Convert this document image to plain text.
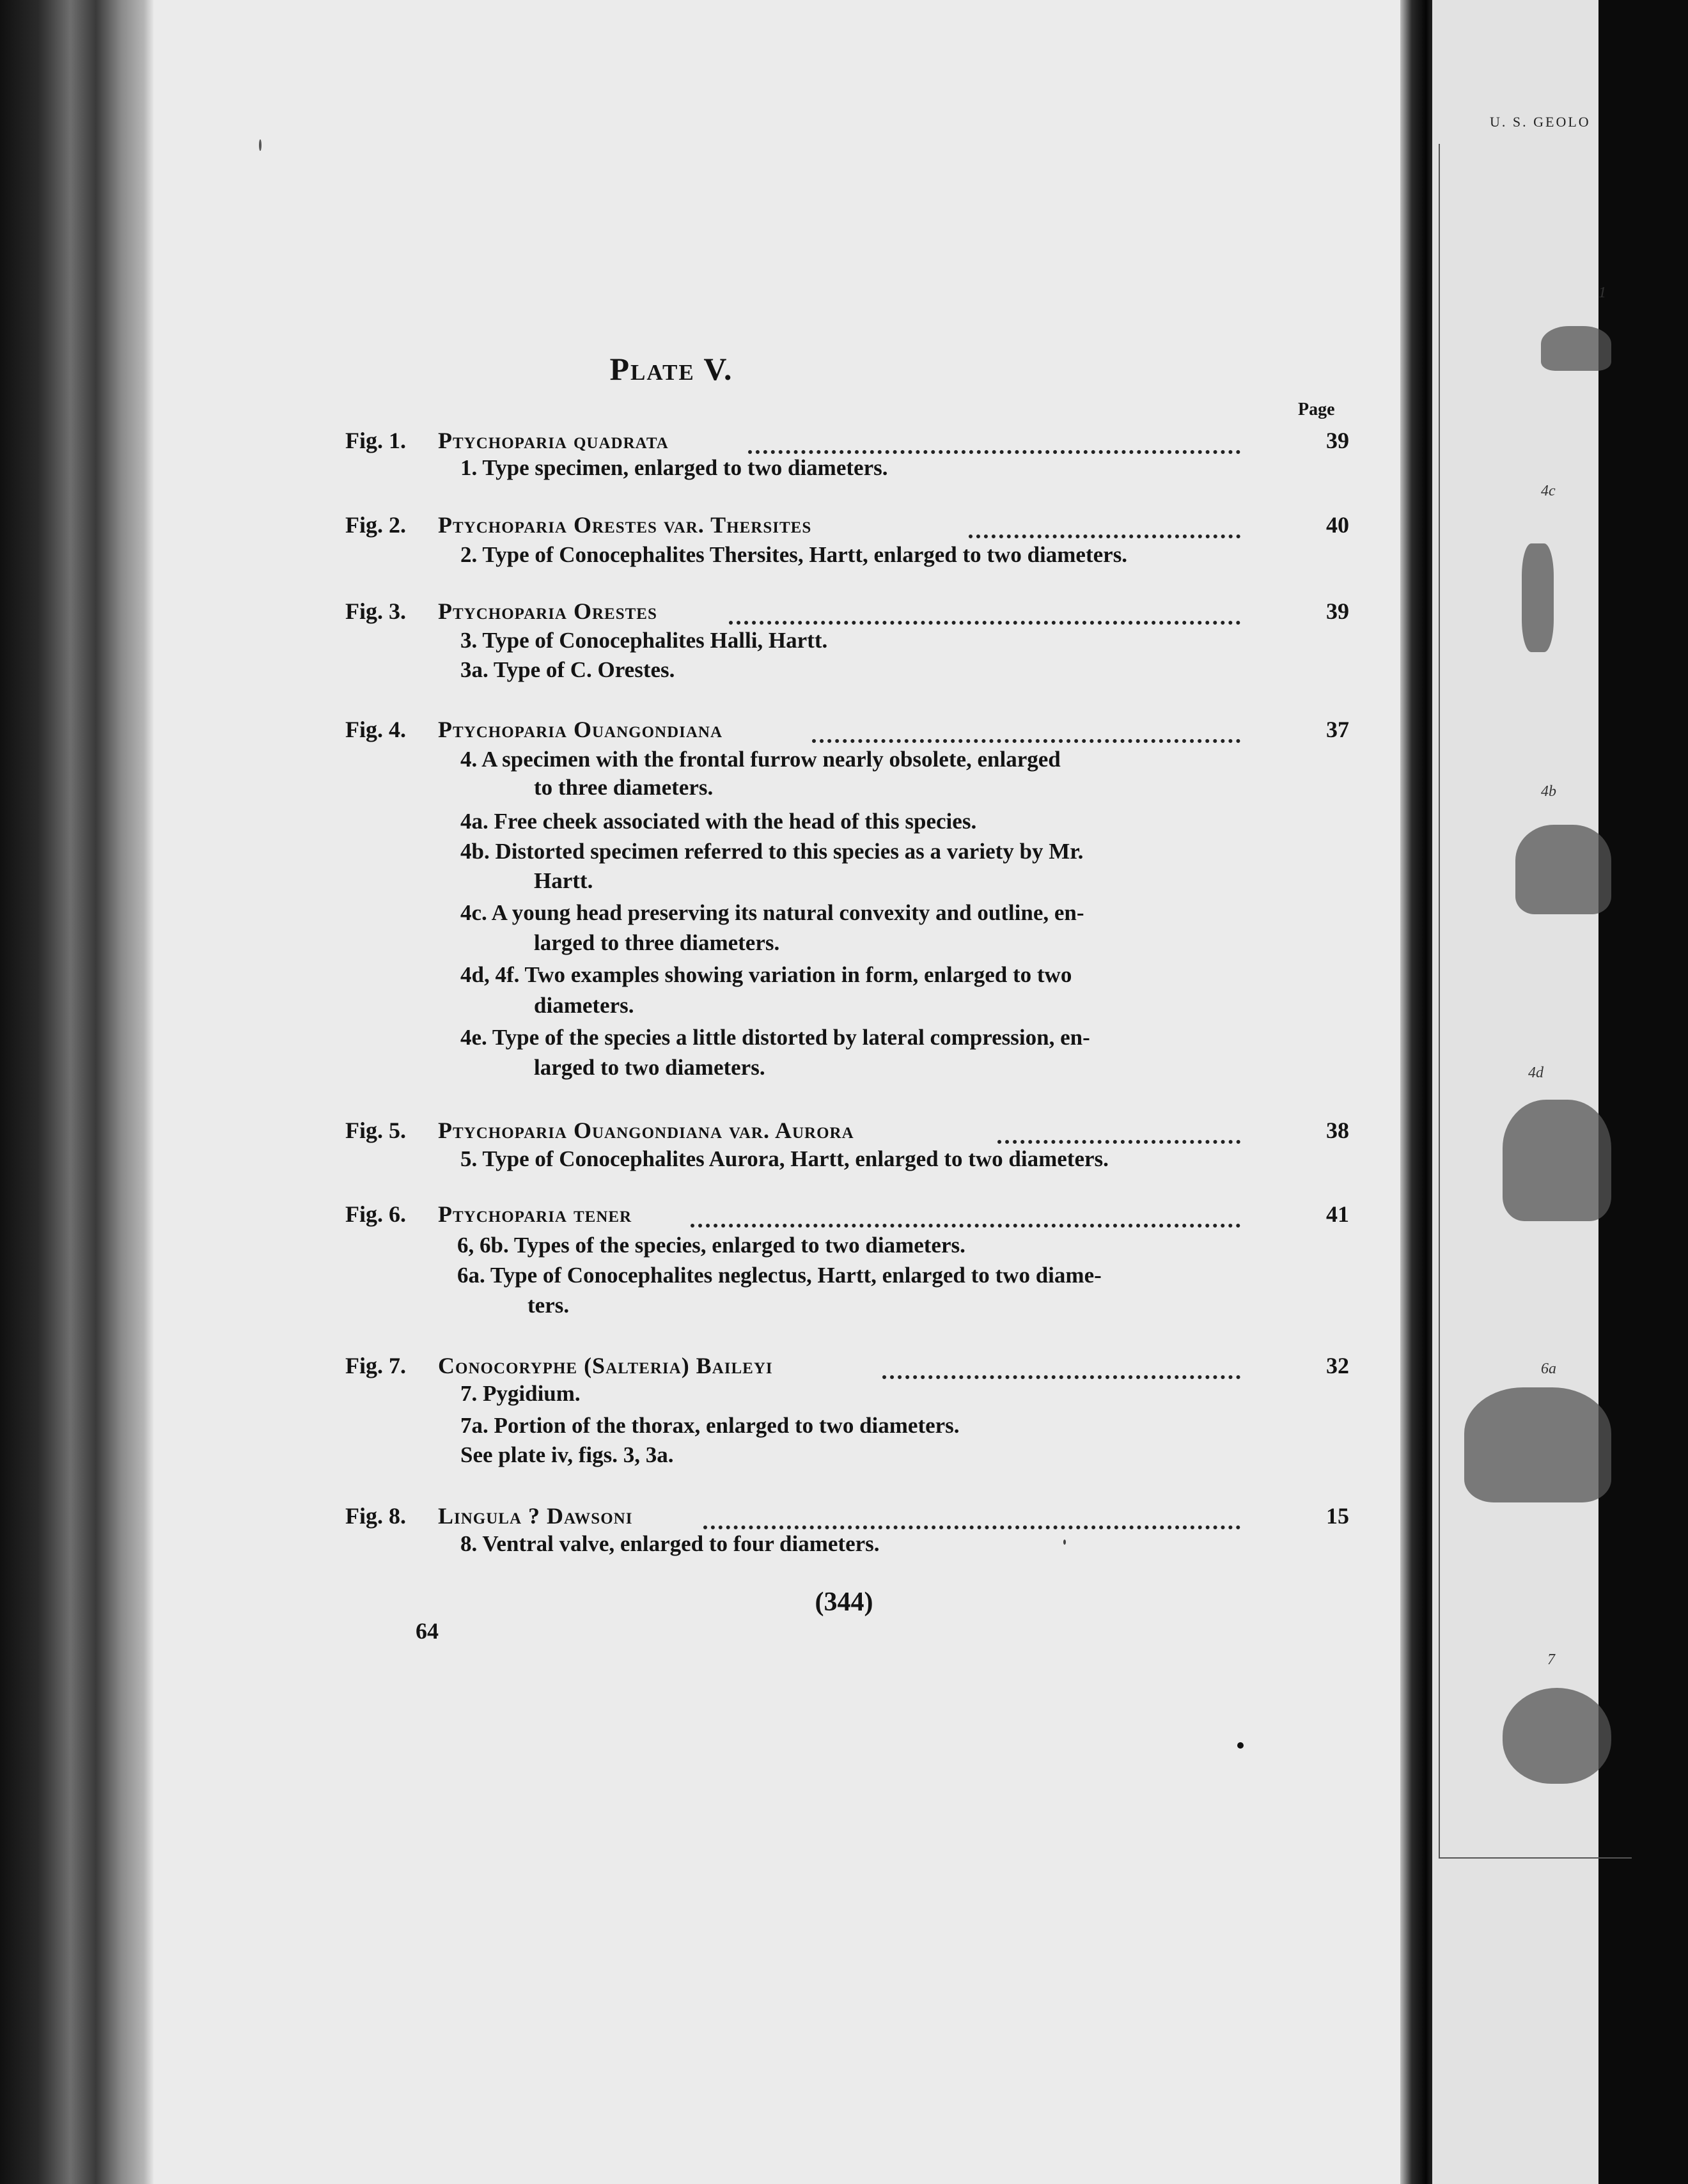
U. S. GEOLO
1
4c
4b
4d
6a
7
Plate V.
Page
Fig. 1. Ptychoparia quadrata	39
1. Type specimen, enlarged to two diameters.
Fig. 2. Ptychoparia Orestes var. Thersites	40
2. Type of Conocephalites Thersites, Hartt, enlarged to two diameters.
Fig. 3. Ptychoparia Orestes	39
3. Type of Conocephalites Halli, Hartt.
3a. Type of C. Orestes.
Fig. 4. Ptychoparia Ouangondiana	37
4. A specimen with the frontal furrow nearly obsolete, enlarged
to three diameters.
4a. Free cheek associated with the head of this species.
4b. Distorted specimen referred to this species as a variety by Mr.
Hartt.
4c. A young head preserving its natural convexity and outline, en-
larged to three diameters.
4d, 4f. Two examples showing variation in form, enlarged to two
diameters.
4e. Type of the species a little distorted by lateral compression, en-
larged to two diameters.
Fig. 5. Ptychoparia Ouangondiana var. Aurora	38
5. Type of Conocephalites Aurora, Hartt, enlarged to two diameters.
Fig. 6. Ptychoparia tener	41
6, 6b. Types of the species, enlarged to two diameters.
6a. Type of Conocephalites neglectus, Hartt, enlarged to two diame-
ters.
Fig. 7. Conocoryphe (Salteria) Baileyi	32
7. Pygidium.
7a. Portion of the thorax, enlarged to two diameters.
See plate iv, figs. 3, 3a.
Fig. 8. Lingula ? Dawsoni	15
8. Ventral valve, enlarged to four diameters.
(344)
64
